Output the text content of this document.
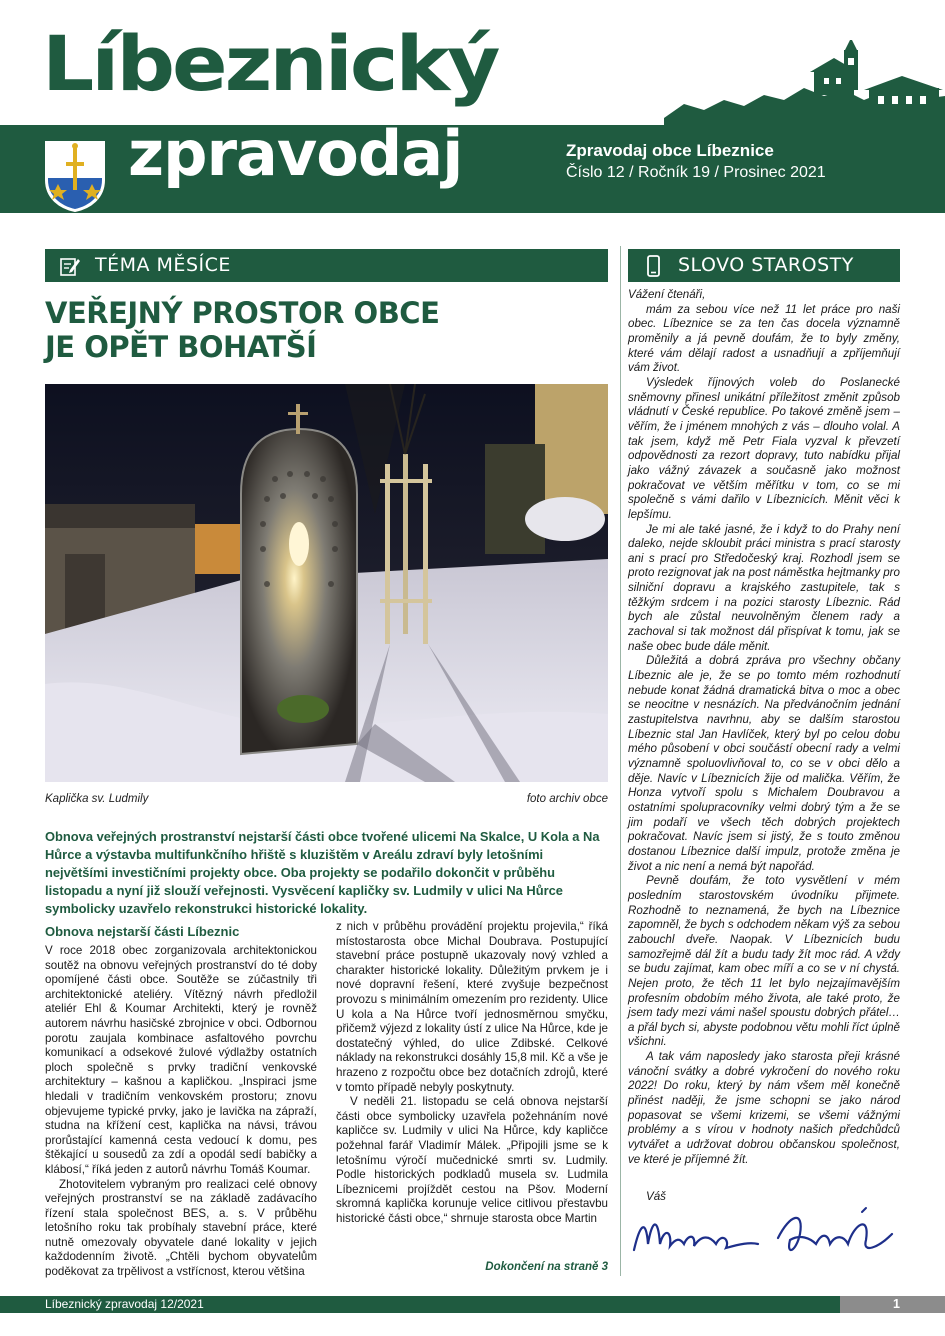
Líbeznický
zpravodaj	Zpravodaj obce Líbeznice
Číslo 12 / Ročník 19 / Prosinec 2021
TÉMA MĚSÍCE	SLOVO STAROSTY
VEŘEJNÝ PROSTOR OBCE
JE OPĚT BOHATŠÍ
Kaplička sv. Ludmily	foto archiv obce
Obnova veřejných prostranství nejstarší části obce tvořené ulicemi Na Skalce, U Kola a Na Hůrce a výstavba multifunkčního hřiště s kluzištěm v Areálu zdraví byly letošními největšími investičními projekty obce. Oba projekty se podařilo dokončit v průběhu listopadu a nyní již slouží veřejnosti. Vysvěcení kapličky sv. Ludmily v ulici Na Hůrce symbolicky uzavřelo rekonstrukci historické lokality.
Obnova nejstarší části Líbeznic

V roce 2018 obec zorganizovala architektonickou soutěž na obnovu veřejných prostranství do té doby opomíjené části obce. Soutěže se zúčastnily tři architektonické ateliéry. Vítězný návrh předložil ateliér Ehl & Koumar Architekti, který je rovněž autorem návrhu hasičské zbrojnice v obci. Odbornou porotu zaujala kombinace asfaltového povrchu komunikací a odsekové žulové výdlažby ostatních ploch společně s prvky tradiční venkovské architektury – kašnou a kapličkou. „Inspiraci jsme hledali v tradičním venkovském prostoru; znovu objevujeme typické prvky, jako je lavička na zápraží, studna na křížení cest, kaplička na návsi, trávou prorůstající kamenná cesta vedoucí k domu, pes štěkající u sousedů za zdí a opodál sedí babičky a klábosí,“ říká jeden z autorů návrhu Tomáš Koumar.

Zhotovitelem vybraným pro realizaci celé obnovy veřejných prostranství se na základě zadávacího řízení stala společnost BES, a. s. V průběhu letošního roku tak probíhaly stavební práce, které nutně omezovaly obyvatele dané lokality v jejich každodenním životě. „Chtěli bychom obyvatelům poděkovat za trpělivost a vstřícnost, kterou většina

z nich v průběhu provádění projektu projevila,“ říká místostarosta obce Michal Doubrava. Postupující stavební práce postupně ukazovaly nový vzhled a charakter historické lokality. Důležitým prvkem je i nové dopravní řešení, které zvyšuje bezpečnost provozu s minimálním omezením pro rezidenty. Ulice U kola a Na Hůrce tvoří jednosměrnou smyčku, přičemž výjezd z lokality ústí z ulice Na Hůrce, kde je dostatečný výhled, do ulice Zdibské. Celkové náklady na rekonstrukci dosáhly 15,8 mil. Kč a vše je hrazeno z rozpočtu obce bez dotačních zdrojů, které v tomto případě nebyly poskytnuty.

V neděli 21. listopadu se celá obnova nejstarší části obce symbolicky uzavřela požehnáním nové kapličce sv. Ludmily v ulici Na Hůrce, kdy kapličce požehnal farář Vladimír Málek. „Připojili jsme se k letošnímu výročí mučednické smrti sv. Ludmily. Podle historických podkladů musela sv. Ludmila Líbeznicemi projíždět cestou na Pšov. Moderní skromná kaplička korunuje velice citlivou přestavbu historické části obce,“ shrnuje starosta obce Martin

Dokončení na straně 3

Vážení čtenáři,

mám za sebou více než 11 let práce pro naši obec. Líbeznice se za ten čas docela významně proměnily a já pevně doufám, že to byly změny, které vám dělají radost a usnadňují a zpříjemňují vám život.

Výsledek říjnových voleb do Poslanecké sněmovny přinesl unikátní příležitost změnit způsob vládnutí v České republice. Po takové změně jsem – věřím, že i jménem mnohých z vás – dlouho volal. A tak jsem, když mě Petr Fiala vyzval k převzetí odpovědnosti za rezort dopravy, tuto nabídku přijal jako vážný závazek a současně jako možnost pokračovat ve větším měřítku v tom, co se mi společně s vámi dařilo v Líbeznicích. Měnit věci k lepšímu.

Je mi ale také jasné, že i když to do Prahy není daleko, nejde skloubit práci ministra s prací starosty ani s prací pro Středočeský kraj. Rozhodl jsem se proto rezignovat jak na post náměstka hejtmanky pro silniční dopravu a krajského zastupitele, tak s těžkým srdcem i na pozici starosty Líbeznic. Rád bych ale zůstal neuvolněným členem rady a zachoval si tak možnost dál přispívat k tomu, jak se naše obec bude dále měnit.

Důležitá a dobrá zpráva pro všechny občany Líbeznic ale je, že se po tomto mém rozhodnutí nebude konat žádná dramatická bitva o moc a obec se neocitne v nesnázích. Na předvánočním jednání zastupitelstva navrhnu, aby se dalším starostou Líbeznic stal Jan Havlíček, který byl po celou dobu mého působení v obci součástí obecní rady a velmi významně spoluovlivňoval to, co se v obci dělo a děje. Navíc v Líbeznicích žije od malička. Věřím, že Honza vytvoří spolu s Michalem Doubravou a ostatními spolupracovníky velmi dobrý tým a že se jim podaří ve všech těch dobrých projektech pokračovat. Navíc jsem si jistý, že s touto změnou dostanou Líbeznice další impulz, protože změna je život a nic není a nemá být napořád.

Pevně doufám, že toto vysvětlení v mém posledním starostovském úvodníku přijmete. Rozhodně to neznamená, že bych na Líbeznice zapomněl, že bych s odchodem někam výš za sebou zabouchl dveře. Naopak. V Líbeznicích budu samozřejmě dál žít a budu tady žít moc rád. A vždy se budu zajímat, kam obec míří a co se v ní chystá. Nejen proto, že těch 11 let bylo nejzajímavějším profesním obdobím mého života, ale také proto, že jsem tady mezi vámi našel spoustu dobrých přátel… a přál bych si, abyste podobnou větu mohli říct úplně všichni.

A tak vám naposledy jako starosta přeji krásné vánoční svátky a dobré vykročení do nového roku 2022! Do roku, který by nám všem měl konečně přinést naději, že jsme schopni se jako národ popasovat se všemi krizemi, se všemi vážnými problémy a s vírou v hodnoty našich předchůdců vytvářet a udržovat dobrou občanskou společnost, ve které je příjemné žít.

Váš
Líbeznický zpravodaj 12/2021	1
